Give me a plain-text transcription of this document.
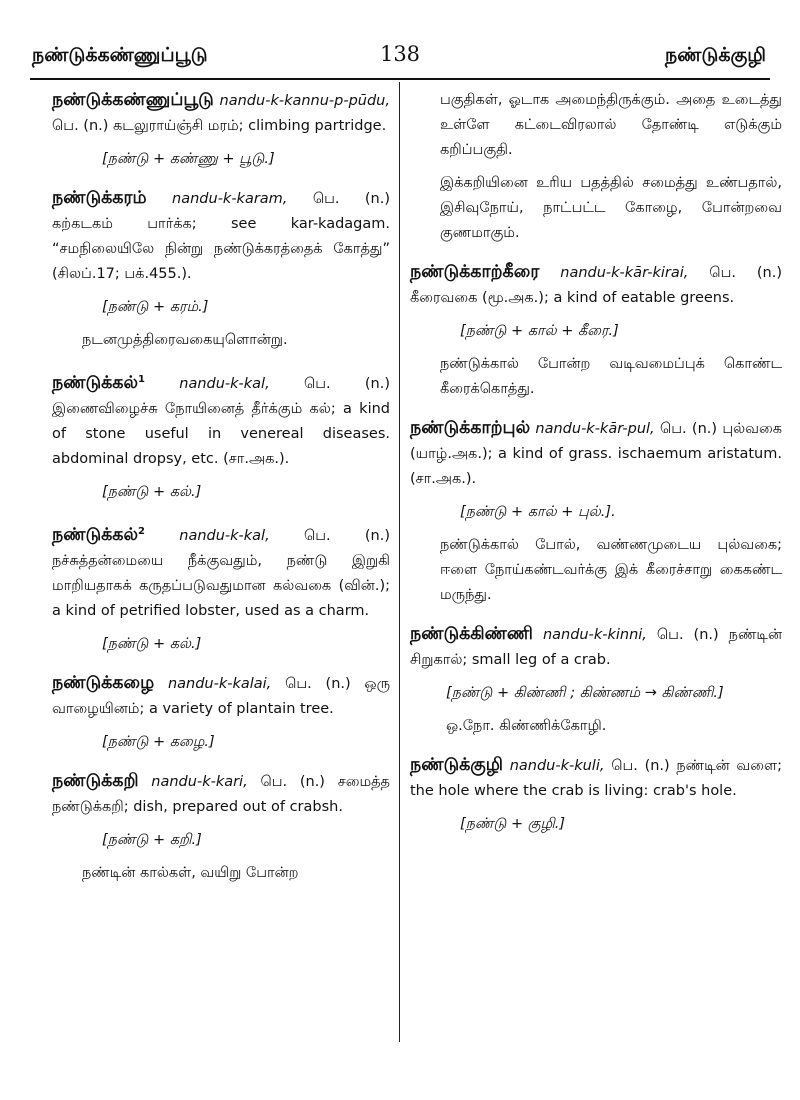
நண்டுக்கண்ணுப்பூடு	138	நண்டுக்குழி

நண்டுக்கண்ணுப்பூடு nandu-k-kannu-p-pūdu, பெ. (n.) கடலுராய்ஞ்சி மரம்; climbing partridge.

[நண்டு + கண்ணு + பூடு.]

நண்டுக்கரம் nandu-k-karam, பெ. (n.) கற்கடகம் பார்க்க; see kar-kadagam. “சமநிலையிலே நின்று நண்டுக்கரத்தைக் கோத்து” (சிலப்.17; பக்.455.).

[நண்டு + கரம்.]

நடனமுத்திரைவகையுளொன்று.

நண்டுக்கல்$^1$ nandu-k-kal, பெ. (n.) இணைவிழைச்சு நோயினைத் தீர்க்கும் கல்; a kind of stone useful in venereal diseases. abdominal dropsy, etc. (சா.அக.).

[நண்டு + கல்.]

நண்டுக்கல்$^2$ nandu-k-kal, பெ. (n.) நச்சுத்தன்மையை நீக்குவதும், நண்டு இறுகி மாறியதாகக் கருதப்படுவதுமான கல்வகை (வின்.); a kind of petrified lobster, used as a charm.

[நண்டு + கல்.]

நண்டுக்கழை nandu-k-kalai, பெ. (n.) ஒரு வாழையினம்; a variety of plantain tree.

[நண்டு + கழை.]

நண்டுக்கறி nandu-k-kari, பெ. (n.) சமைத்த நண்டுக்கறி; dish, prepared out of crabsh.

[நண்டு + கறி.]

நண்டின் கால்கள், வயிறு போன்ற

பகுதிகள், ஓடாக அமைந்திருக்கும். அதை உடைத்து உள்ளே கட்டைவிரலால் தோண்டி எடுக்கும் கறிப்பகுதி.

இக்கறியினை உரிய பதத்தில் சமைத்து உண்பதால், இசிவுநோய், நாட்பட்ட கோழை, போன்றவை குணமாகும்.

நண்டுக்காற்கீரை nandu-k-kār-kirai, பெ. (n.) கீரைவகை (மூ.அக.); a kind of eatable greens.

[நண்டு + கால் + கீரை.]

நண்டுக்கால் போன்ற வடிவமைப்புக் கொண்ட கீரைக்கொத்து.

நண்டுக்காற்புல் nandu-k-kār-pul, பெ. (n.) புல்வகை (யாழ்.அக.); a kind of grass. ischaemum aristatum. (சா.அக.).

[நண்டு + கால் + புல்.].

நண்டுக்கால் போல், வண்ணமுடைய புல்வகை; ஈளை நோய்கண்டவர்க்கு இக் கீரைச்சாறு கைகண்ட மருந்து.

நண்டுக்கிண்ணி nandu-k-kinni, பெ. (n.) நண்டின் சிறுகால்; small leg of a crab.

[நண்டு + கிண்ணி ; கிண்ணம் → கிண்ணி.]

ஒ.நோ. கிண்ணிக்கோழி.

நண்டுக்குழி nandu-k-kuli, பெ. (n.) நண்டின் வளை; the hole where the crab is living: crab's hole.

[நண்டு + குழி.]
